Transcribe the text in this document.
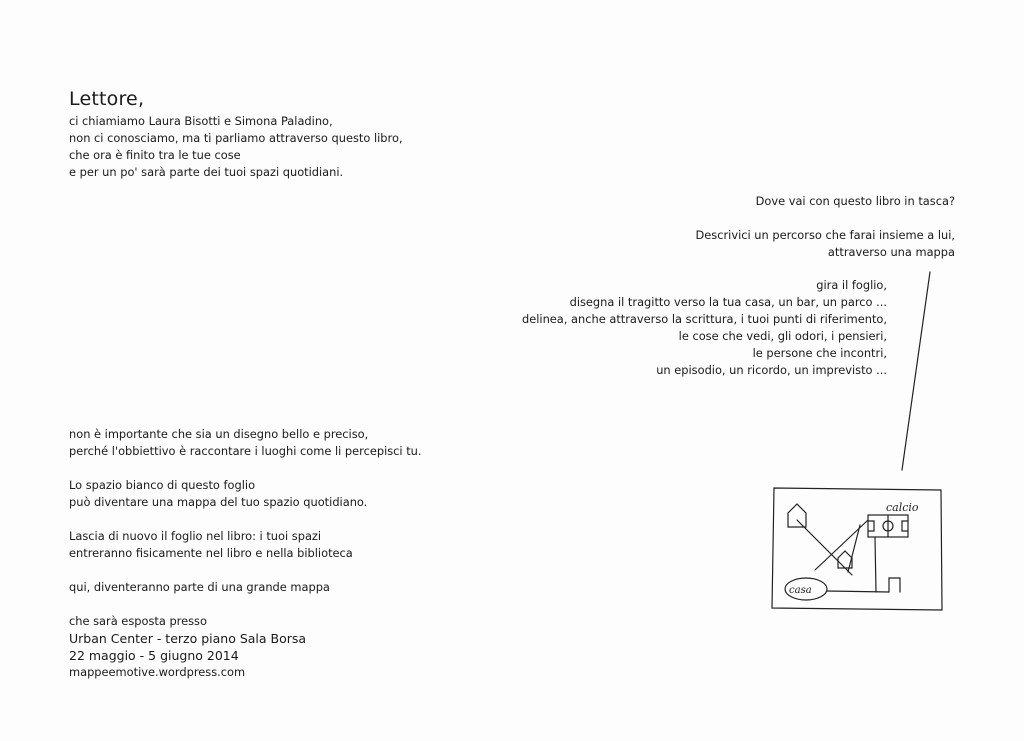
Lettore,
ci chiamiamo Laura Bisotti e Simona Paladino,
non ci conosciamo, ma ti parliamo attraverso questo libro,
che ora è finito tra le tue cose
e per un po' sarà parte dei tuoi spazi quotidiani.
Dove vai con questo libro in tasca?
Descrivici un percorso che farai insieme a lui,
attraverso una mappa
gira il foglio,
disegna il tragitto verso la tua casa, un bar, un parco ...
delinea, anche attraverso la scrittura, i tuoi punti di riferimento,
le cose che vedi, gli odori, i pensieri,
le persone che incontri,
un episodio, un ricordo, un imprevisto ...
non è importante che sia un disegno bello e preciso,
perché l'obbiettivo è raccontare i luoghi come li percepisci tu.
Lo spazio bianco di questo foglio
può diventare una mappa del tuo spazio quotidiano.
Lascia di nuovo il foglio nel libro: i tuoi spazi
entreranno fisicamente nel libro e nella biblioteca
qui, diventeranno parte di una grande mappa
che sarà esposta presso
Urban Center - terzo piano Sala Borsa
22 maggio - 5 giugno 2014
mappeemotive.wordpress.com
calcio
casa
